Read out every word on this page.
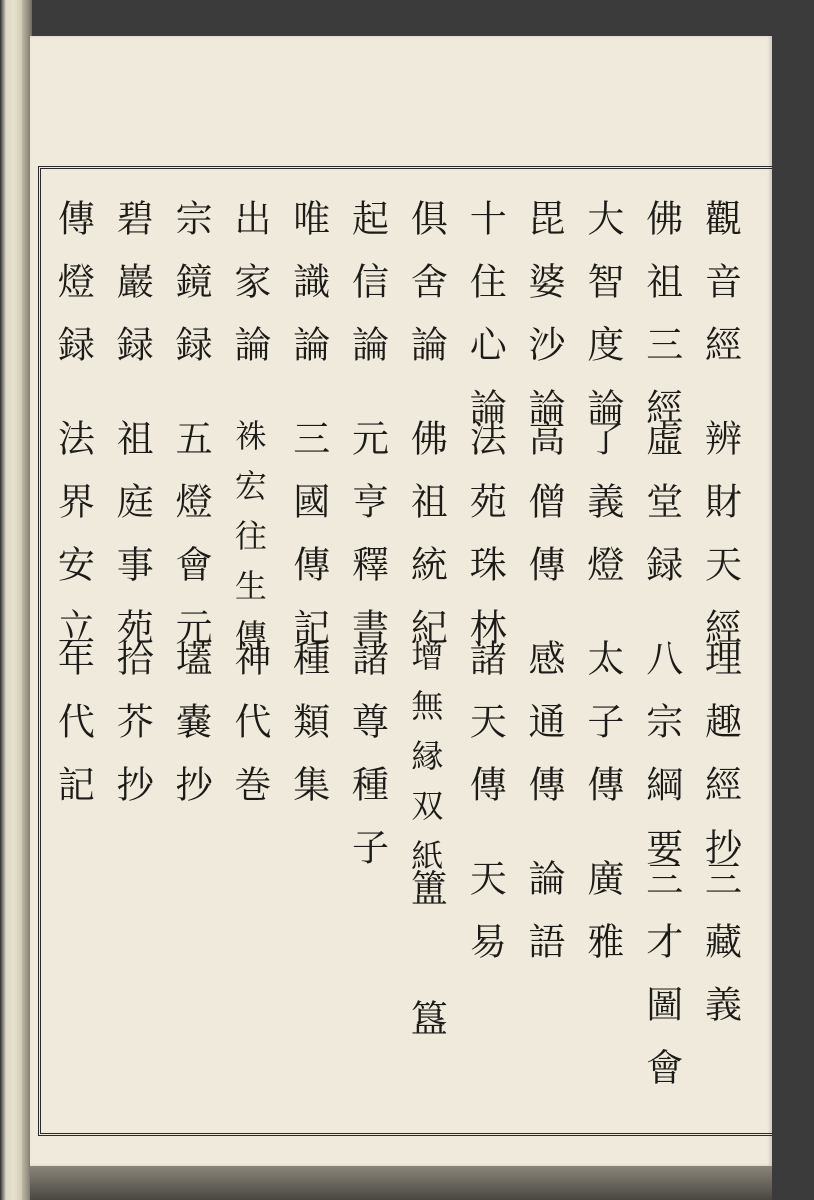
觀音經
辨財天經
理趣經抄
三藏義
佛祖三經
虛堂録
八宗綱要
三才圖會
大智度論
了義燈
太子傳
廣雅
毘婆沙論
高僧傳
感通傳
論語
十住心論
法苑珠林
諸天傳
天易
俱舍論
佛祖統紀
增無縁双紙
簠
簋
起信論
元亨釋書
諸尊種子
唯識論
三國傳記
種類集
出家論
袾宏往生傳
神代巻
宗鏡録
五燈會元
壒嚢抄
碧巖録
祖庭事苑
拾芥抄
傳燈録
法界安立
年代記
